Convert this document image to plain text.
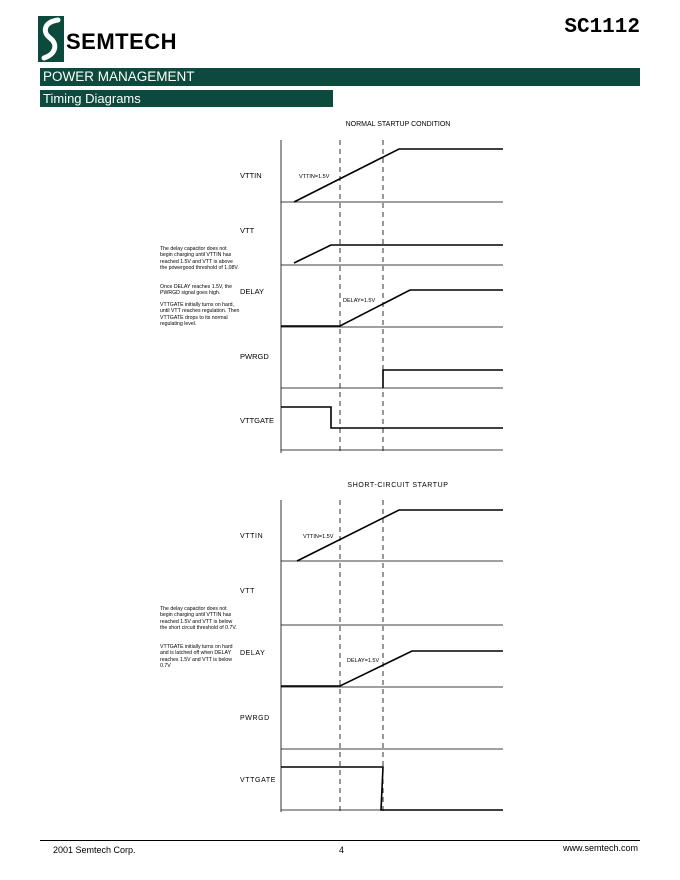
SEMTECH
SC1112
POWER MANAGEMENT
Timing Diagrams
The delay capacitor does not begin charging until VTTIN has reached 1.5V and VTT is above the powergood threshold of 1.08V.
Once DELAY reaches 1.5V, the PWRGD signal goes high.
VTTGATE initially turns on hard, until VTT reaches regulation. Then VTTGATE drops to its normal regulating level.
The delay capacitor does not begin charging until VTTIN has reached 1.5V and VTT is below the short circuit threshold of 0.7V.
VTTGATE initially turns on hard and is latched off when DELAY reaches 1.5V and VTT is below 0.7V
NORMAL STARTUP CONDITION
VTTIN
VTT
DELAY
PWRGD
VTTGATE
VTTIN=1.5V
DELAY=1.5V
SHORT-CIRCUIT STARTUP
VTTIN
VTT
DELAY
PWRGD
VTTGATE
VTTIN=1.5V
DELAY=1.5V
2001 Semtech Corp.	4	www.semtech.com
